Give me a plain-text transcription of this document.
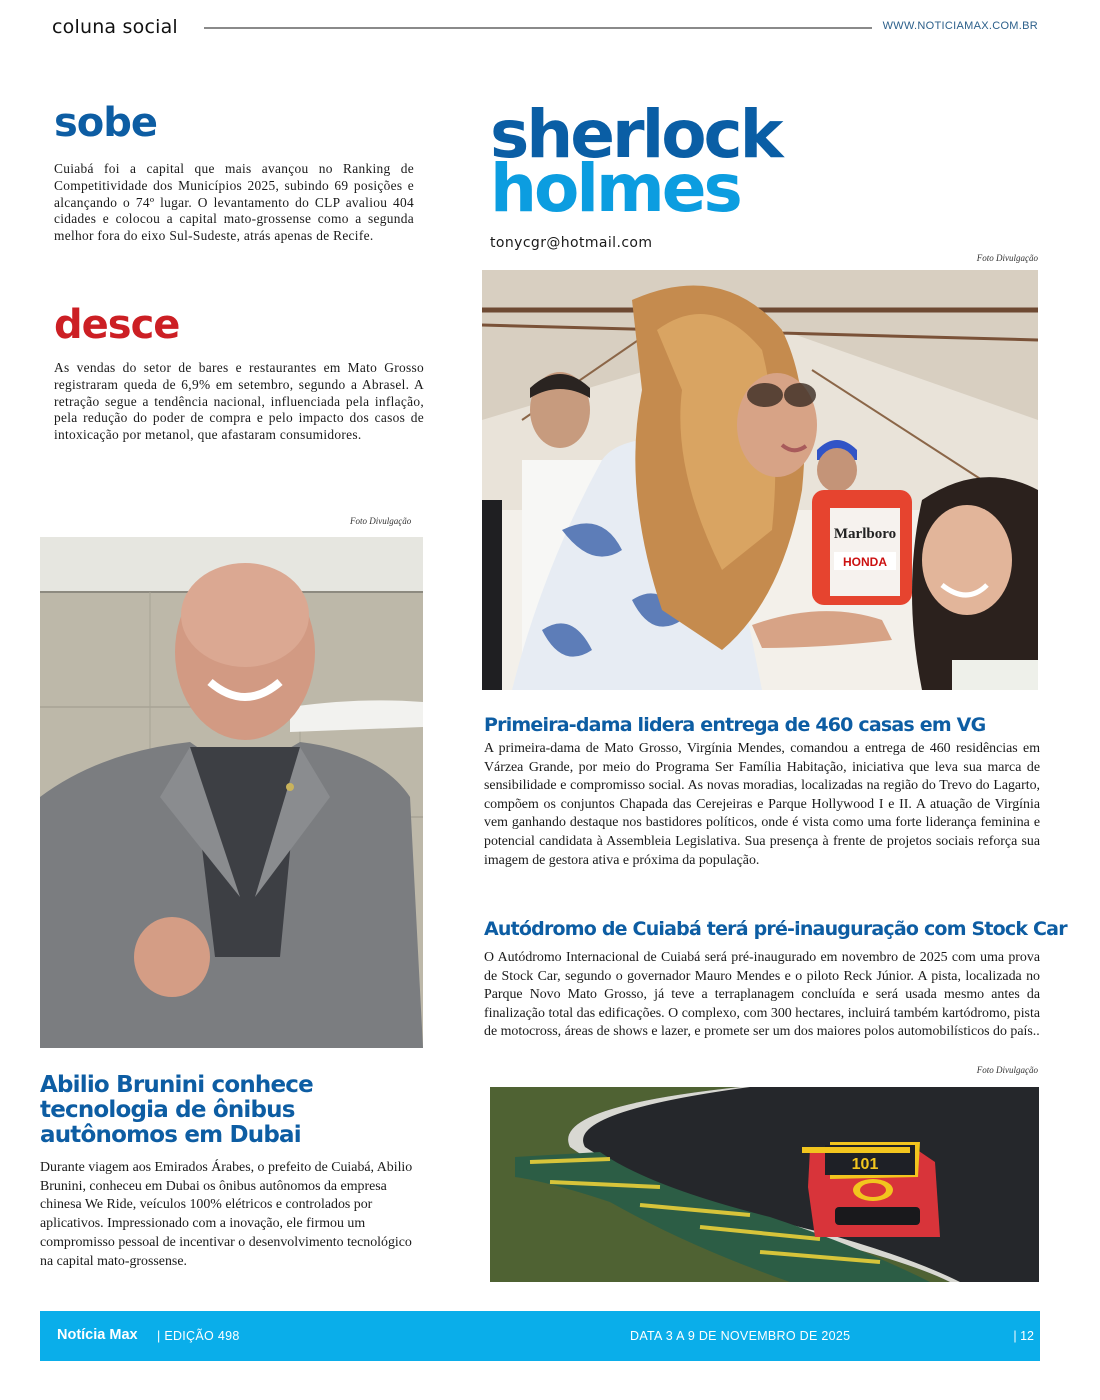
coluna social	WWW.NOTICIAMAX.COM.BR
sobe
Cuiabá foi a capital que mais avançou no Ranking de Competitividade dos Municípios 2025, subindo 69 posições e alcançando o 74º lugar. O levantamento do CLP avaliou 404 cidades e colocou a capital mato-grossense como a segunda melhor fora do eixo Sul-Sudeste, atrás apenas de Recife.
desce
As vendas do setor de bares e restaurantes em Mato Grosso registraram queda de 6,9% em setembro, segundo a Abrasel. A retração segue a tendência nacional, influenciada pela inflação, pela redução do poder de compra e pelo impacto dos casos de intoxicação por metanol, que afastaram consumidores.
sherlock
holmes
tonycgr@hotmail.com
Foto Divulgação
Foto Divulgação
Foto Divulgação
Marlboro
HONDA
101
Primeira-dama lidera entrega de 460 casas em VG
A primeira-dama de Mato Grosso, Virgínia Mendes, comandou a entrega de 460 residências em Várzea Grande, por meio do Programa Ser Família Habitação, iniciativa que leva sua marca de sensibilidade e compromisso social. As novas moradias, localizadas na região do Trevo do Lagarto, compõem os conjuntos Chapada das Cerejeiras e Parque Hollywood I e II. A atuação de Virgínia vem ganhando destaque nos bastidores políticos, onde é vista como uma forte liderança feminina e potencial candidata à Assembleia Legislativa. Sua presença à frente de projetos sociais reforça sua imagem de gestora ativa e próxima da população.
Autódromo de Cuiabá terá pré-inauguração com Stock Car
O Autódromo Internacional de Cuiabá será pré-inaugurado em novembro de 2025 com uma prova de Stock Car, segundo o governador Mauro Mendes e o piloto Reck Júnior. A pista, localizada no Parque Novo Mato Grosso, já teve a terraplanagem concluída e será usada mesmo antes da finalização total das edificações. O complexo, com 300 hectares, incluirá também kartódromo, pista de motocross, áreas de shows e lazer, e promete ser um dos maiores polos automobilísticos do país..
Abilio Brunini conhece tecnologia de ônibus autônomos em Dubai
Durante viagem aos Emirados Árabes, o prefeito de Cuiabá, Abilio Brunini, conheceu em Dubai os ônibus autônomos da empresa chinesa We Ride, veículos 100% elétricos e controlados por aplicativos. Impressionado com a inovação, ele firmou um compromisso pessoal de incentivar o desenvolvimento tecnológico na capital mato-grossense.
Notícia Max | EDIÇÃO 498	DATA 3 A 9 DE NOVEMBRO DE 2025	| 12
